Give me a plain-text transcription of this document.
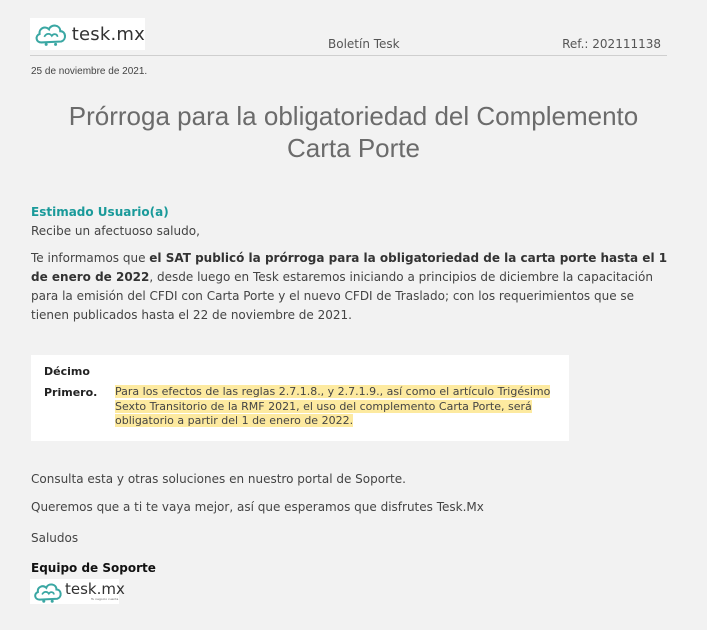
tesk.mx	Boletín Tesk	Ref.: 202111138
25 de noviembre de 2021.
Prórroga para la obligatoriedad del Complemento
Carta Porte
Estimado Usuario(a)
Recibe un afectuoso saludo,
Te informamos que el SAT publicó la prórroga para la obligatoriedad de la carta porte hasta el 1 de enero de 2022, desde luego en Tesk estaremos iniciando a principios de diciembre la capacitación para la emisión del CFDI con Carta Porte y el nuevo CFDI de Traslado; con los requerimientos que se tienen publicados hasta el 22 de noviembre de 2021.
Décimo
Primero. Para los efectos de las reglas 2.7.1.8., y 2.7.1.9., así como el artículo Trigésimo Sexto Transitorio de la RMF 2021, el uso del complemento Carta Porte, será obligatorio a partir del 1 de enero de 2022.
Consulta esta y otras soluciones en nuestro portal de Soporte.
Queremos que a ti te vaya mejor, así que esperamos que disfrutes Tesk.Mx
Saludos
Equipo de Soporte
tesk.mx
Tu negocio cuenta
